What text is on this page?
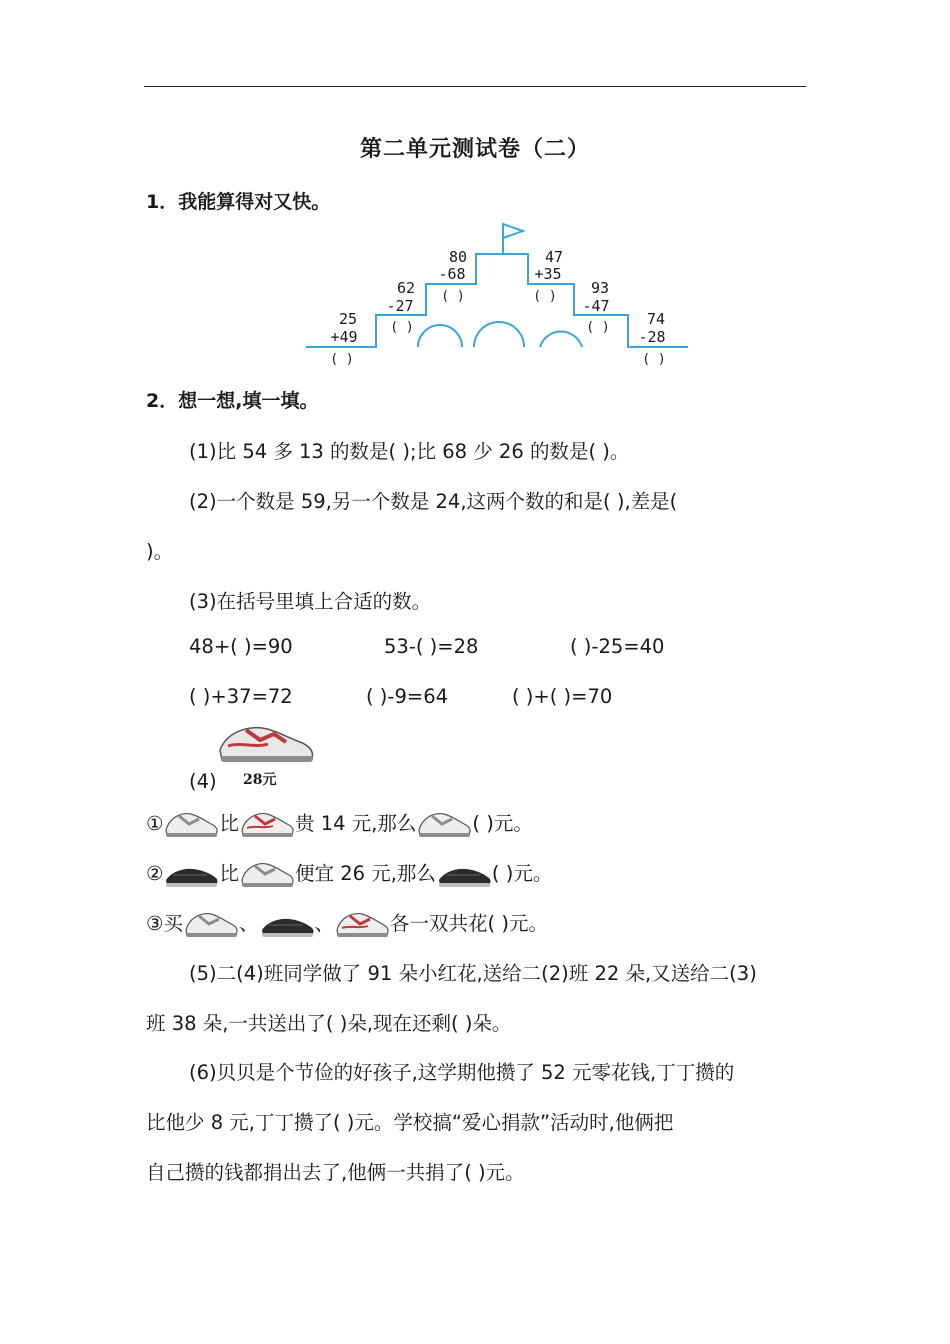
第二单元测试卷（二）
1．我能算得对又快。
25
+49
( )
62
-27
( )
80
-68
( )
47
+35
( ) 93
-47
( ) 74
-28
( )
2．想一想,填一填。
(1)比 54 多 13 的数是( );比 68 少 26 的数是( )。
(2)一个数是 59,另一个数是 24,这两个数的和是( ),差是(
)。
(3)在括号里填上合适的数。
48+( )=90	53-( )=28	( )-25=40
( )+37=72	( )-9=64	( )+( )=70
(4) 28元
①	比	贵 14 元,那么	( )元。
②	比	便宜 26 元,那么	( )元。
③买	、	、	各一双共花( )元。
(5)二(4)班同学做了 91 朵小红花,送给二(2)班 22 朵,又送给二(3)
班 38 朵,一共送出了( )朵,现在还剩( )朵。
(6)贝贝是个节俭的好孩子,这学期他攒了 52 元零花钱,丁丁攒的
比他少 8 元,丁丁攒了( )元。学校搞“爱心捐款”活动时,他俩把
自己攒的钱都捐出去了,他俩一共捐了( )元。
